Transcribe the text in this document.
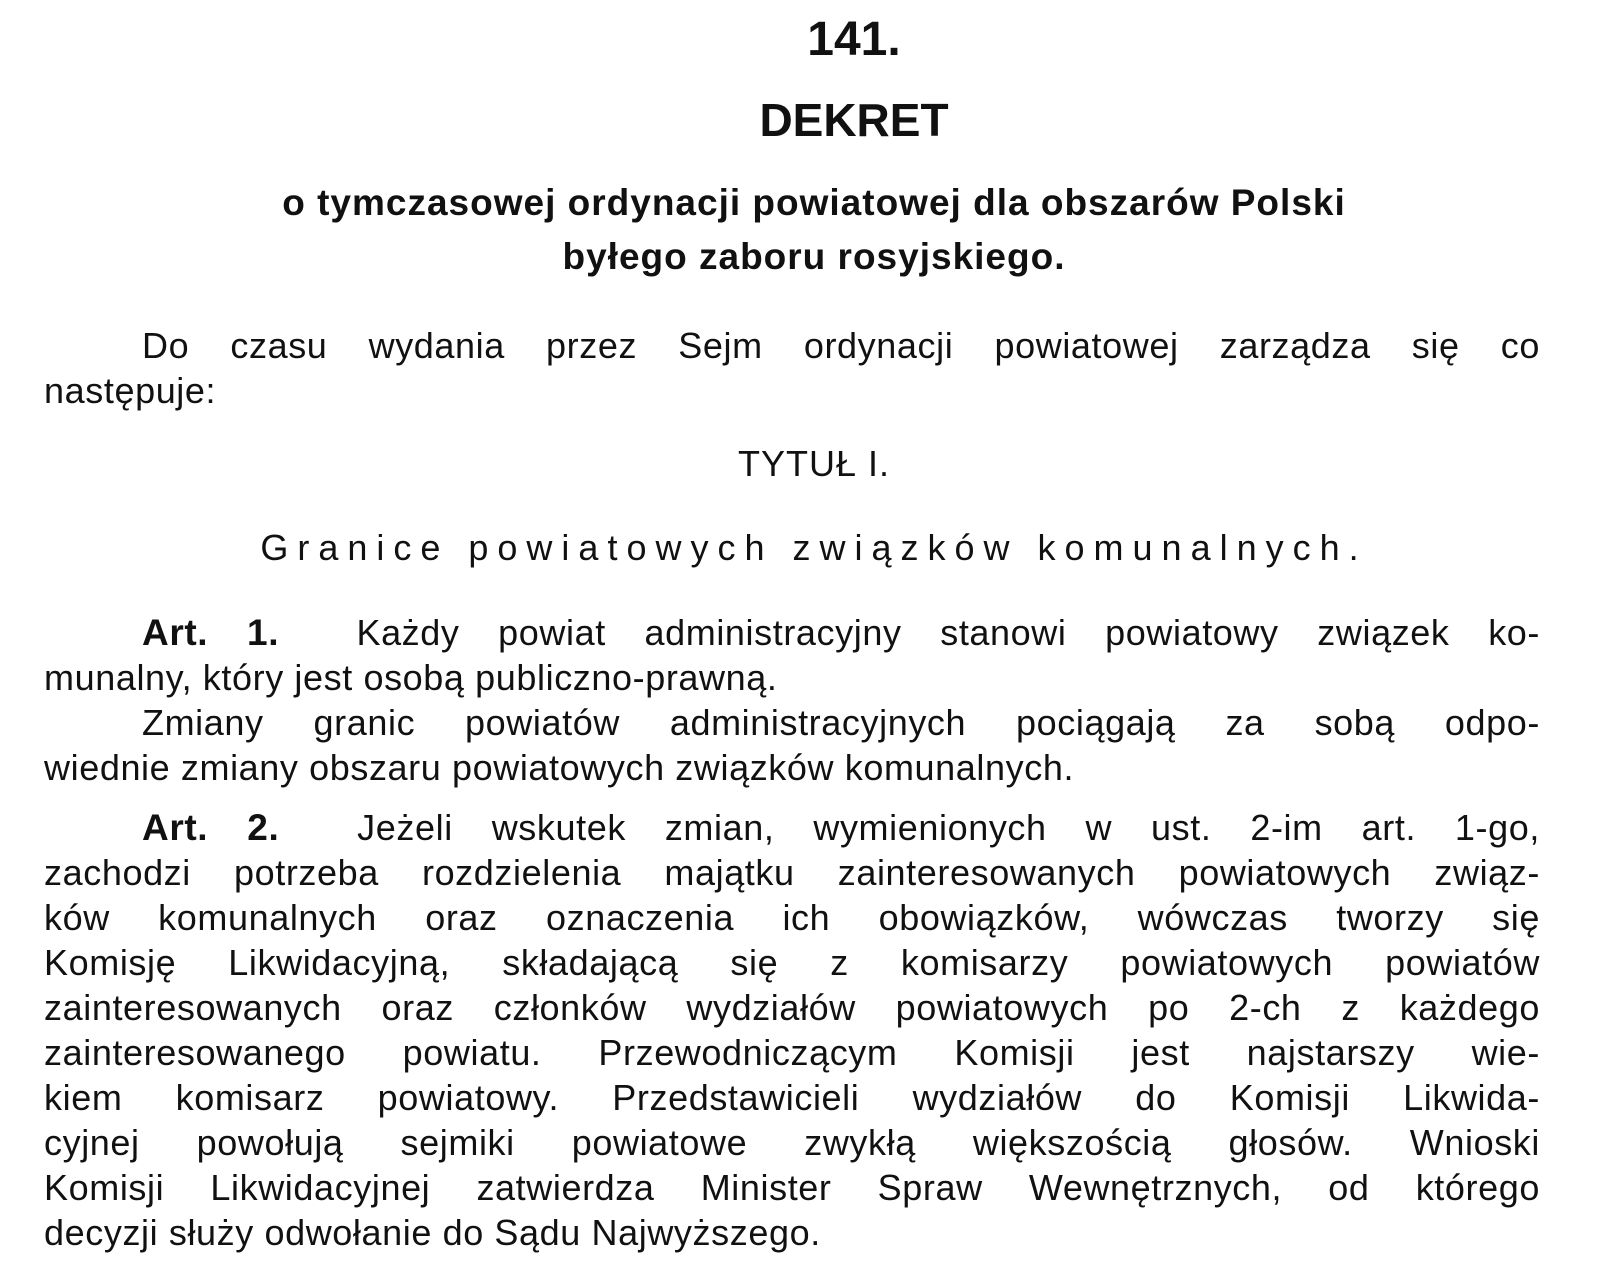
141.
DEKRET
o tymczasowej ordynacji powiatowej dla obszarów Polski
byłego zaboru rosyjskiego.
Do czasu wydania przez Sejm ordynacji powiatowej zarządza się co
następuje:
TYTUŁ I.
Granice powiatowych związków komunalnych.
Art. 1. Każdy powiat administracyjny stanowi powiatowy związek ko-
munalny, który jest osobą publiczno-prawną.
Zmiany granic powiatów administracyjnych pociągają za sobą odpo-
wiednie zmiany obszaru powiatowych związków komunalnych.
Art. 2. Jeżeli wskutek zmian, wymienionych w ust. 2-im art. 1-go,
zachodzi potrzeba rozdzielenia majątku zainteresowanych powiatowych związ-
ków komunalnych oraz oznaczenia ich obowiązków, wówczas tworzy się
Komisję Likwidacyjną, składającą się z komisarzy powiatowych powiatów
zainteresowanych oraz członków wydziałów powiatowych po 2-ch z każdego
zainteresowanego powiatu. Przewodniczącym Komisji jest najstarszy wie-
kiem komisarz powiatowy. Przedstawicieli wydziałów do Komisji Likwida-
cyjnej powołują sejmiki powiatowe zwykłą większością głosów. Wnioski
Komisji Likwidacyjnej zatwierdza Minister Spraw Wewnętrznych, od którego
decyzji służy odwołanie do Sądu Najwyższego.
